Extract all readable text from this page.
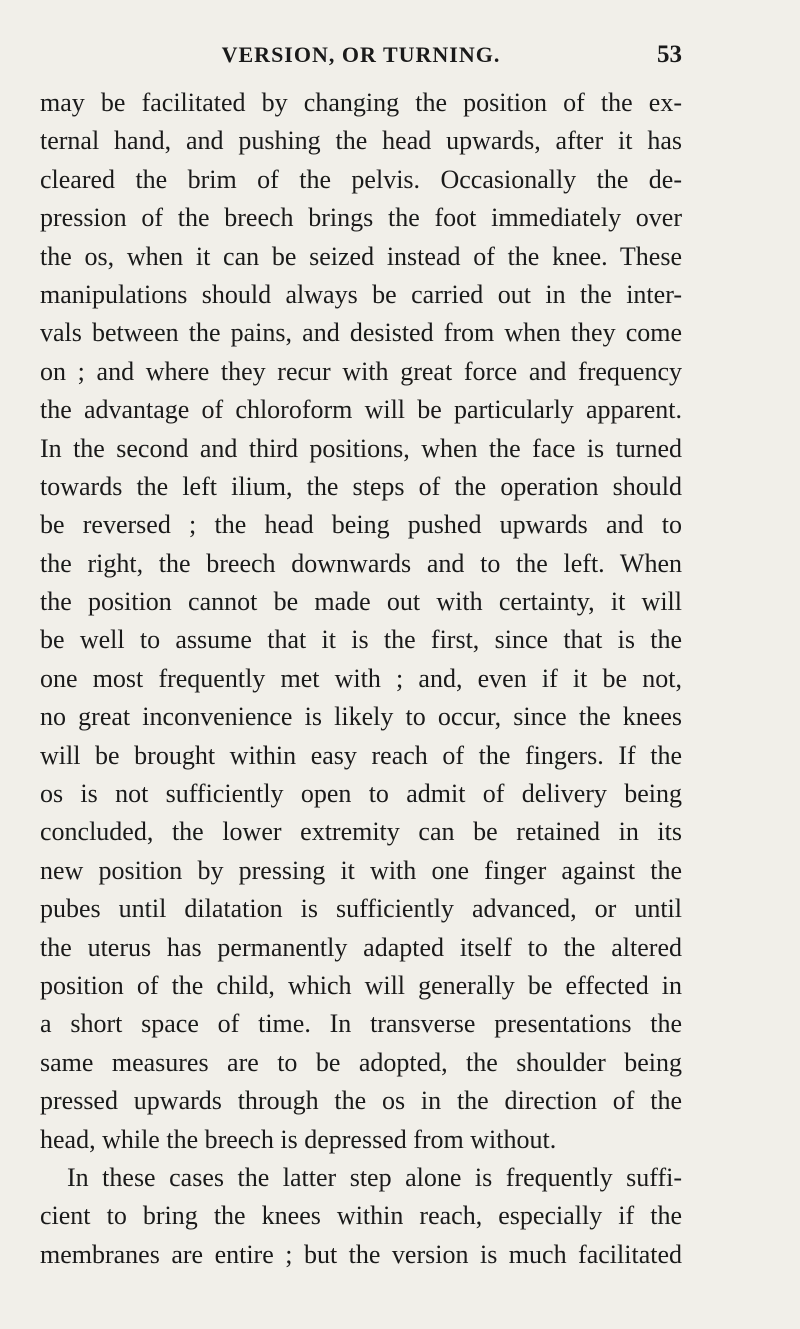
VERSION, OR TURNING.	53
may be facilitated by changing the position of the ex-
ternal hand, and pushing the head upwards, after it has
cleared the brim of the pelvis. Occasionally the de-
pression of the breech brings the foot immediately over
the os, when it can be seized instead of the knee. These
manipulations should always be carried out in the inter-
vals between the pains, and desisted from when they come
on ; and where they recur with great force and frequency
the advantage of chloroform will be particularly apparent.
In the second and third positions, when the face is turned
towards the left ilium, the steps of the operation should
be reversed ; the head being pushed upwards and to
the right, the breech downwards and to the left. When
the position cannot be made out with certainty, it will
be well to assume that it is the first, since that is the
one most frequently met with ; and, even if it be not,
no great inconvenience is likely to occur, since the knees
will be brought within easy reach of the fingers. If the
os is not sufficiently open to admit of delivery being
concluded, the lower extremity can be retained in its
new position by pressing it with one finger against the
pubes until dilatation is sufficiently advanced, or until
the uterus has permanently adapted itself to the altered
position of the child, which will generally be effected in
a short space of time. In transverse presentations the
same measures are to be adopted, the shoulder being
pressed upwards through the os in the direction of the
head, while the breech is depressed from without.
In these cases the latter step alone is frequently suffi-
cient to bring the knees within reach, especially if the
membranes are entire ; but the version is much facilitated
